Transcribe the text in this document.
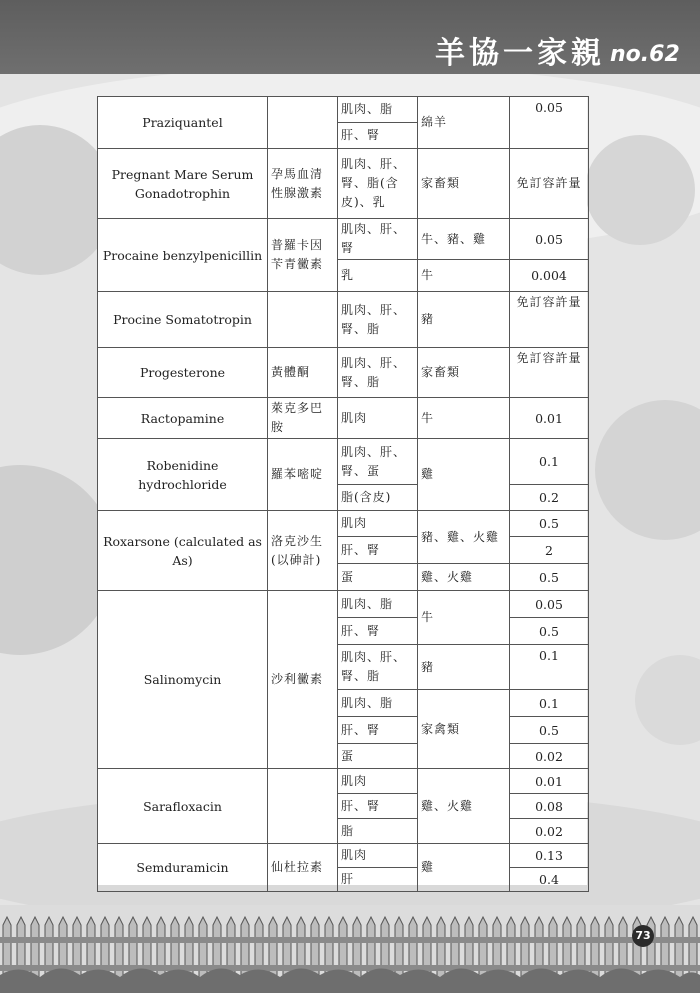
羊協一家親 no.62
Praziquantel		肌肉、脂	綿羊	0.05
		肝、腎		
Pregnant Mare Serum Gonadotrophin	孕馬血清性腺激素	肌肉、肝、腎、脂(含皮)、乳	家畜類	免訂容許量
Procaine benzylpenicillin	普羅卡因苄青黴素	肌肉、肝、腎	牛、豬、雞	0.05
		乳	牛	0.004
Procine Somatotropin		肌肉、肝、腎、脂	豬	免訂容許量
Progesterone	黃體酮	肌肉、肝、腎、脂	家畜類	免訂容許量
Ractopamine	萊克多巴胺	肌肉	牛	0.01
Robenidine hydrochloride	羅苯嘧啶	肌肉、肝、腎、蛋	雞	0.1
		脂(含皮)		0.2
Roxarsone (calculated as As)	洛克沙生(以砷計)	肌肉	豬、雞、火雞	0.5
		肝、腎		2
		蛋	雞、火雞	0.5
Salinomycin	沙利黴素	肌肉、脂	牛	0.05
		肝、腎		0.5
		肌肉、肝、腎、脂	豬	0.1
		肌肉、脂	家禽類	0.1
		肝、腎		0.5
		蛋		0.02
Sarafloxacin		肌肉	雞、火雞	0.01
		肝、腎		0.08
		脂		0.02
Semduramicin	仙杜拉素	肌肉	雞	0.13
		肝		0.4
73
